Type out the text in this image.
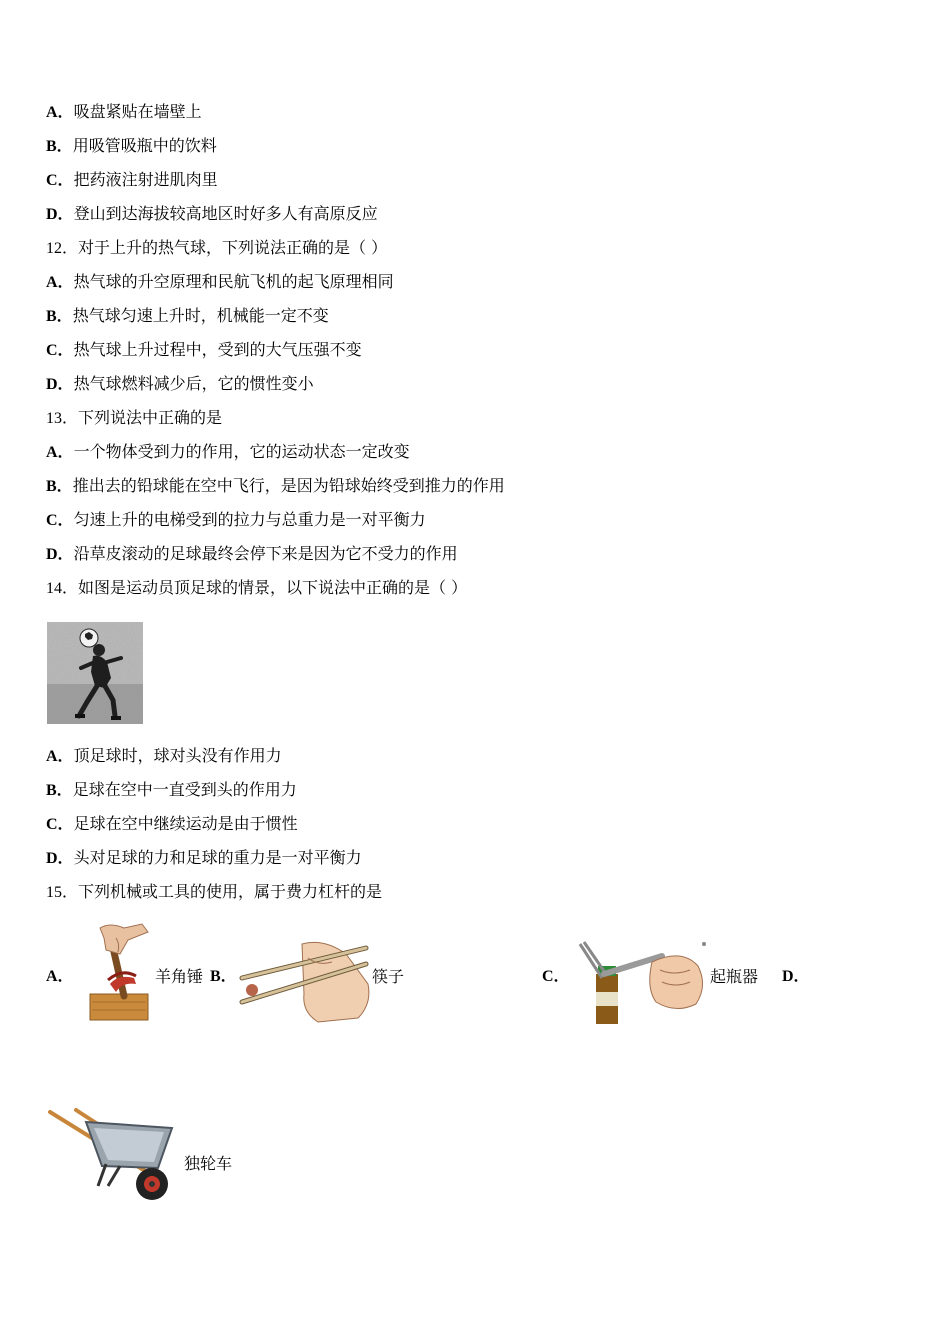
A．吸盘紧贴在墙壁上
B．用吸管吸瓶中的饮料
C．把药液注射进肌肉里
D．登山到达海拔较高地区时好多人有高原反应
12．对于上升的热气球，下列说法正确的是（ ）
A．热气球的升空原理和民航飞机的起飞原理相同
B．热气球匀速上升时，机械能一定不变
C．热气球上升过程中，受到的大气压强不变
D．热气球燃料减少后，它的惯性变小
13．下列说法中正确的是
A．一个物体受到力的作用，它的运动状态一定改变
B．推出去的铅球能在空中飞行，是因为铅球始终受到推力的作用
C．匀速上升的电梯受到的拉力与总重力是一对平衡力
D．沿草皮滚动的足球最终会停下来是因为它不受力的作用
14．如图是运动员顶足球的情景，以下说法中正确的是（ ）
A．顶足球时，球对头没有作用力
B．足球在空中一直受到头的作用力
C．足球在空中继续运动是由于惯性
D．头对足球的力和足球的重力是一对平衡力
15．下列机械或工具的使用，属于费力杠杆的是
A．	羊角锤 B．	筷子	C．	起瓶器 D．
独轮车
